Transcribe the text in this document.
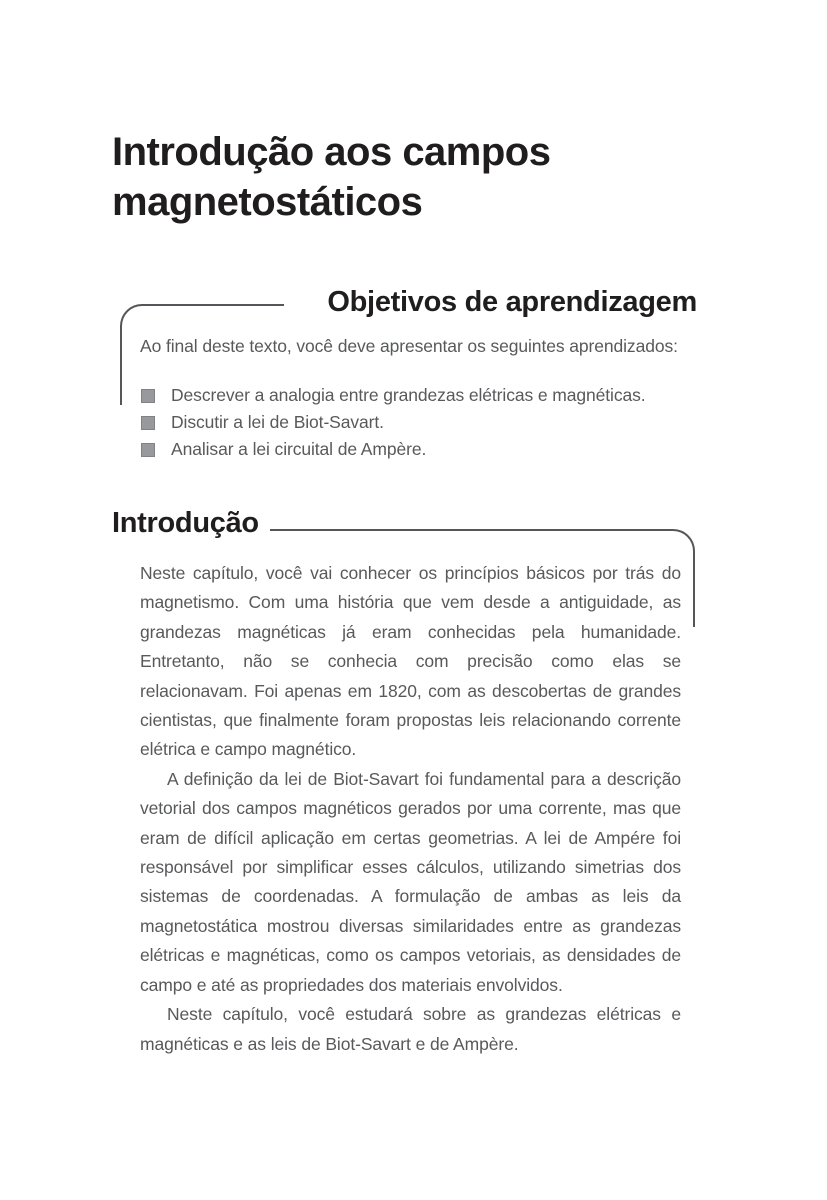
Introdução aos campos magnetostáticos
Objetivos de aprendizagem

Ao final deste texto, você deve apresentar os seguintes aprendizados:

Descrever a analogia entre grandezas elétricas e magnéticas.
Discutir a lei de Biot-Savart.
Analisar a lei circuital de Ampère.
Introdução

Neste capítulo, você vai conhecer os princípios básicos por trás do magnetismo. Com uma história que vem desde a antiguidade, as grandezas magnéticas já eram conhecidas pela humanidade. Entretanto, não se conhecia com precisão como elas se relacionavam. Foi apenas em 1820, com as descobertas de grandes cientistas, que finalmente foram propostas leis relacionando corrente elétrica e campo magnético.

A definição da lei de Biot-Savart foi fundamental para a descrição vetorial dos campos magnéticos gerados por uma corrente, mas que eram de difícil aplicação em certas geometrias. A lei de Ampére foi responsável por simplificar esses cálculos, utilizando simetrias dos sistemas de coordenadas. A formulação de ambas as leis da magnetostática mostrou diversas similaridades entre as grandezas elétricas e magnéticas, como os campos vetoriais, as densidades de campo e até as propriedades dos materiais envolvidos.

Neste capítulo, você estudará sobre as grandezas elétricas e magnéticas e as leis de Biot-Savart e de Ampère.
